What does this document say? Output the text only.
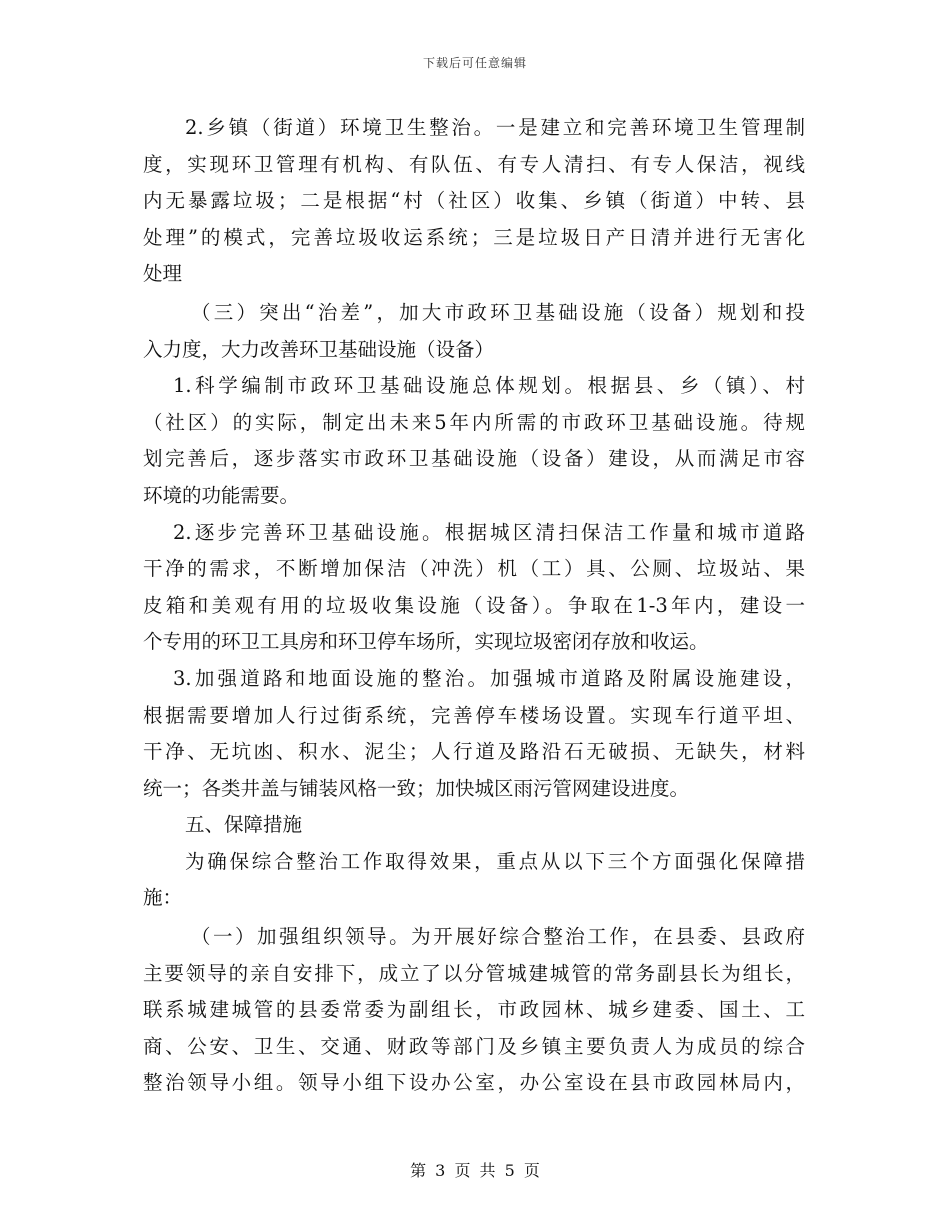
下载后可任意编辑
2.乡镇（街道）环境卫生整治。一是建立和完善环境卫生管理制
度，实现环卫管理有机构、有队伍、有专人清扫、有专人保洁，视线
内无暴露垃圾；二是根据“村（社区）收集、乡镇（街道）中转、县
处理”的模式，完善垃圾收运系统；三是垃圾日产日清并进行无害化
处理
（三）突出“治差”，加大市政环卫基础设施（设备）规划和投
入力度，大力改善环卫基础设施（设备）
1.科学编制市政环卫基础设施总体规划。根据县、乡（镇）、村
（社区）的实际，制定出未来5年内所需的市政环卫基础设施。待规
划完善后，逐步落实市政环卫基础设施（设备）建设，从而满足市容
环境的功能需要。
2.逐步完善环卫基础设施。根据城区清扫保洁工作量和城市道路
干净的需求，不断增加保洁（冲洗）机（工）具、公厕、垃圾站、果
皮箱和美观有用的垃圾收集设施（设备）。争取在1-3年内，建设一
个专用的环卫工具房和环卫停车场所，实现垃圾密闭存放和收运。
3.加强道路和地面设施的整治。加强城市道路及附属设施建设，
根据需要增加人行过街系统，完善停车楼场设置。实现车行道平坦、
干净、无坑凼、积水、泥尘；人行道及路沿石无破损、无缺失，材料
统一；各类井盖与铺装风格一致；加快城区雨污管网建设进度。
五、保障措施
为确保综合整治工作取得效果，重点从以下三个方面强化保障措
施：
（一）加强组织领导。为开展好综合整治工作，在县委、县政府
主要领导的亲自安排下，成立了以分管城建城管的常务副县长为组长，
联系城建城管的县委常委为副组长，市政园林、城乡建委、国土、工
商、公安、卫生、交通、财政等部门及乡镇主要负责人为成员的综合
整治领导小组。领导小组下设办公室，办公室设在县市政园林局内，
第 3 页 共 5 页
